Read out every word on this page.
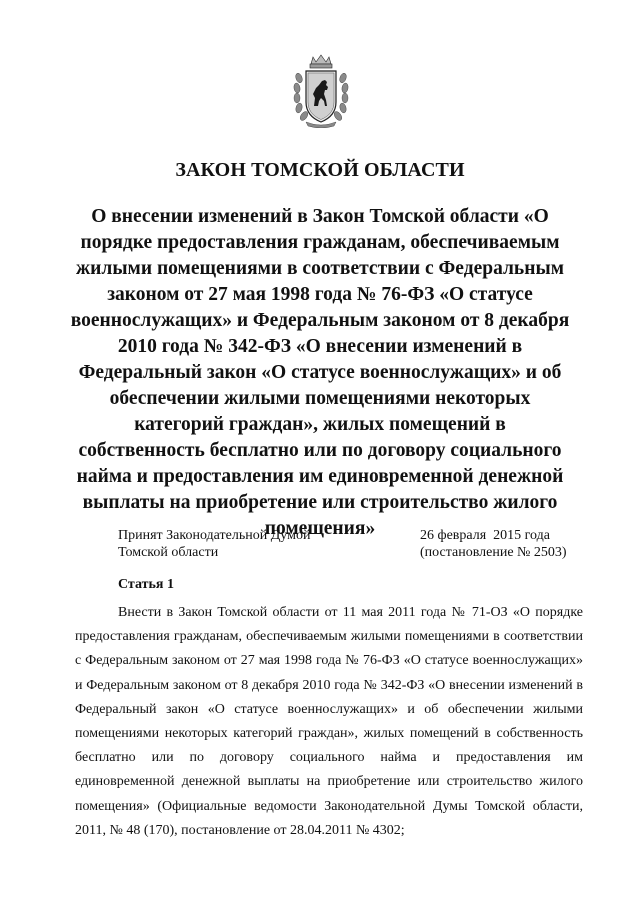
ЗАКОН ТОМСКОЙ ОБЛАСТИ
О внесении изменений в Закон Томской области «О порядке предоставления гражданам, обеспечиваемым жилыми помещениями в соответствии с Федеральным законом от 27 мая 1998 года № 76-ФЗ «О статусе военнослужащих» и Федеральным законом от 8 декабря 2010 года № 342-ФЗ «О внесении изменений в Федеральный закон «О статусе военнослужащих» и об обеспечении жилыми помещениями некоторых категорий граждан», жилых помещений в собственность бесплатно или по договору социального найма и предоставления им единовременной денежной выплаты на приобретение или строительство жилого помещения»
Принят Законодательной Думой
Томской области
26 февраля  2015 года
(постановление № 2503)
Статья 1

Внести в Закон Томской области от 11 мая 2011 года № 71-ОЗ «О порядке предоставления гражданам, обеспечиваемым жилыми помещениями в соответствии с Федеральным законом от 27 мая 1998 года № 76-ФЗ «О статусе военнослужащих» и Федеральным законом от 8 декабря 2010 года № 342-ФЗ «О внесении изменений в Федеральный закон «О статусе военнослужащих» и об обеспечении жилыми помещениями некоторых категорий граждан», жилых помещений в собственность бесплатно или по договору социального найма и предоставления им единовременной денежной выплаты на приобретение или строительство жилого помещения» (Официальные ведомости Законодательной Думы Томской области, 2011, № 48 (170), постановление от 28.04.2011 № 4302;
